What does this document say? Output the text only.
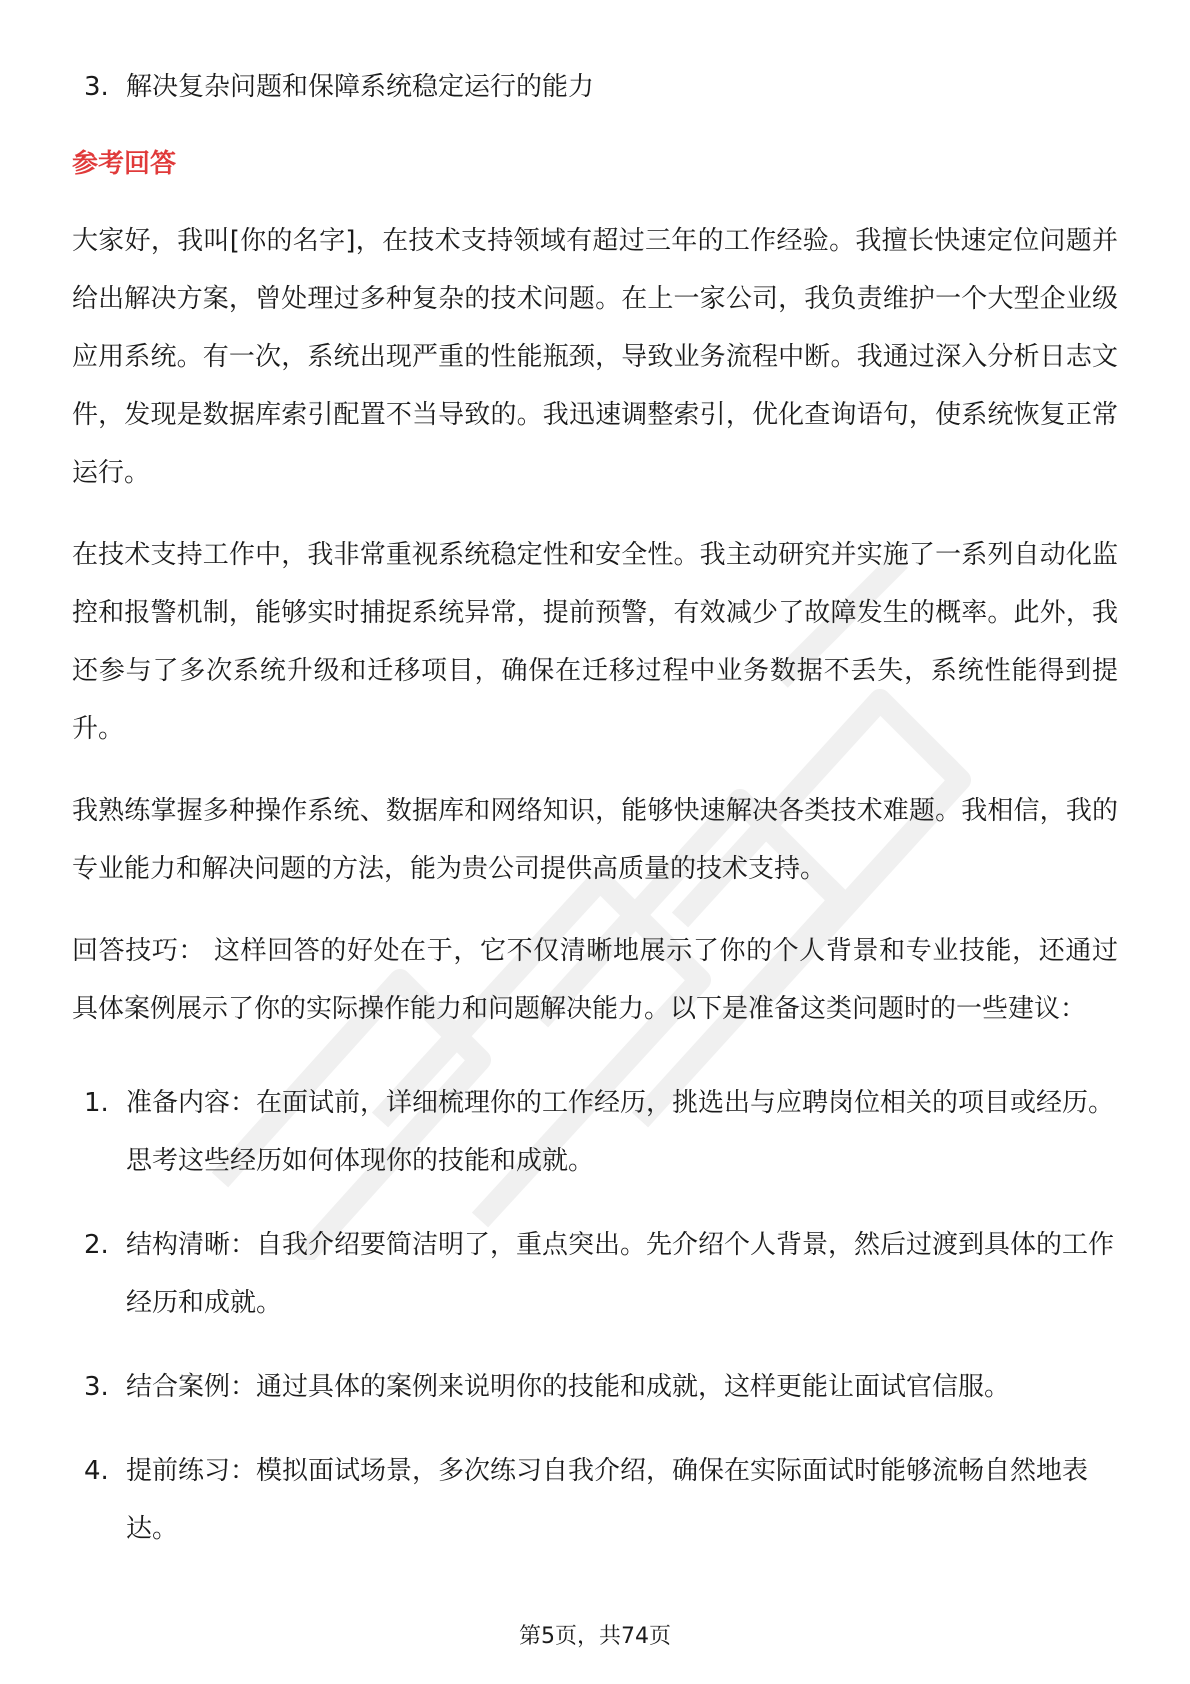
3. 解决复杂问题和保障系统稳定运行的能力

参考回答

大家好，我叫[你的名字]，在技术支持领域有超过三年的工作经验。我擅长快速定位问题并给出解决方案，曾处理过多种复杂的技术问题。在上一家公司，我负责维护一个大型企业级应用系统。有一次，系统出现严重的性能瓶颈，导致业务流程中断。我通过深入分析日志文件，发现是数据库索引配置不当导致的。我迅速调整索引，优化查询语句，使系统恢复正常运行。

在技术支持工作中，我非常重视系统稳定性和安全性。我主动研究并实施了一系列自动化监控和报警机制，能够实时捕捉系统异常，提前预警，有效减少了故障发生的概率。此外，我还参与了多次系统升级和迁移项目，确保在迁移过程中业务数据不丢失，系统性能得到提升。

我熟练掌握多种操作系统、数据库和网络知识，能够快速解决各类技术难题。我相信，我的专业能力和解决问题的方法，能为贵公司提供高质量的技术支持。

回答技巧： 这样回答的好处在于，它不仅清晰地展示了你的个人背景和专业技能，还通过具体案例展示了你的实际操作能力和问题解决能力。以下是准备这类问题时的一些建议：

1. 准备内容：在面试前，详细梳理你的工作经历，挑选出与应聘岗位相关的项目或经历。思考这些经历如何体现你的技能和成就。

2. 结构清晰：自我介绍要简洁明了，重点突出。先介绍个人背景，然后过渡到具体的工作经历和成就。

3. 结合案例：通过具体的案例来说明你的技能和成就，这样更能让面试官信服。

4. 提前练习：模拟面试场景，多次练习自我介绍，确保在实际面试时能够流畅自然地表达。

第5页，共74页
